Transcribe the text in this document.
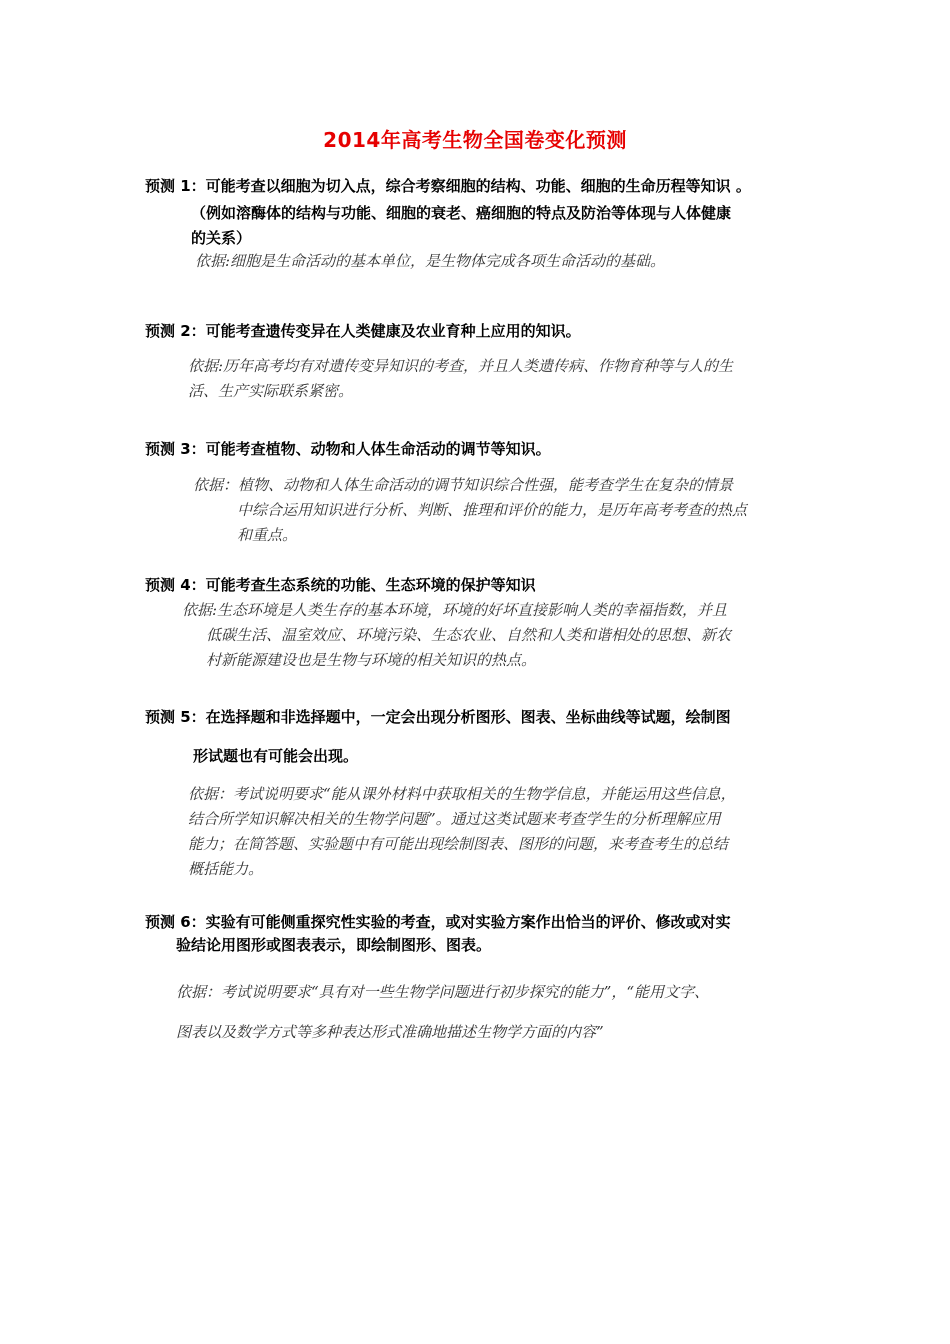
2014年高考生物全国卷变化预测
预测 1：可能考查以细胞为切入点，综合考察细胞的结构、功能、细胞的生命历程等知识 。
（例如溶酶体的结构与功能、细胞的衰老、癌细胞的特点及防治等体现与人体健康
的关系）
依据:细胞是生命活动的基本单位，是生物体完成各项生命活动的基础。
预测 2：可能考查遗传变异在人类健康及农业育种上应用的知识。
依据:历年高考均有对遗传变异知识的考查，并且人类遗传病、作物育种等与人的生
活、生产实际联系紧密。
预测 3：可能考查植物、动物和人体生命活动的调节等知识。
依据：植物、动物和人体生命活动的调节知识综合性强，能考查学生在复杂的情景
中综合运用知识进行分析、判断、推理和评价的能力，是历年高考考查的热点
和重点。
预测 4：可能考查生态系统的功能、生态环境的保护等知识
依据:生态环境是人类生存的基本环境，环境的好坏直接影响人类的幸福指数，并且
低碳生活、温室效应、环境污染、生态农业、自然和人类和谐相处的思想、新农
村新能源建设也是生物与环境的相关知识的热点。
预测 5：在选择题和非选择题中，一定会出现分析图形、图表、坐标曲线等试题，绘制图
形试题也有可能会出现。
依据：考试说明要求“能从课外材料中获取相关的生物学信息，并能运用这些信息，
结合所学知识解决相关的生物学问题”。通过这类试题来考查学生的分析理解应用
能力；在简答题、实验题中有可能出现绘制图表、图形的问题，来考查考生的总结
概括能力。
预测 6：实验有可能侧重探究性实验的考查，或对实验方案作出恰当的评价、修改或对实
验结论用图形或图表表示，即绘制图形、图表。
依据：考试说明要求“具有对一些生物学问题进行初步探究的能力”，“能用文字、
图表以及数学方式等多种表达形式准确地描述生物学方面的内容”
